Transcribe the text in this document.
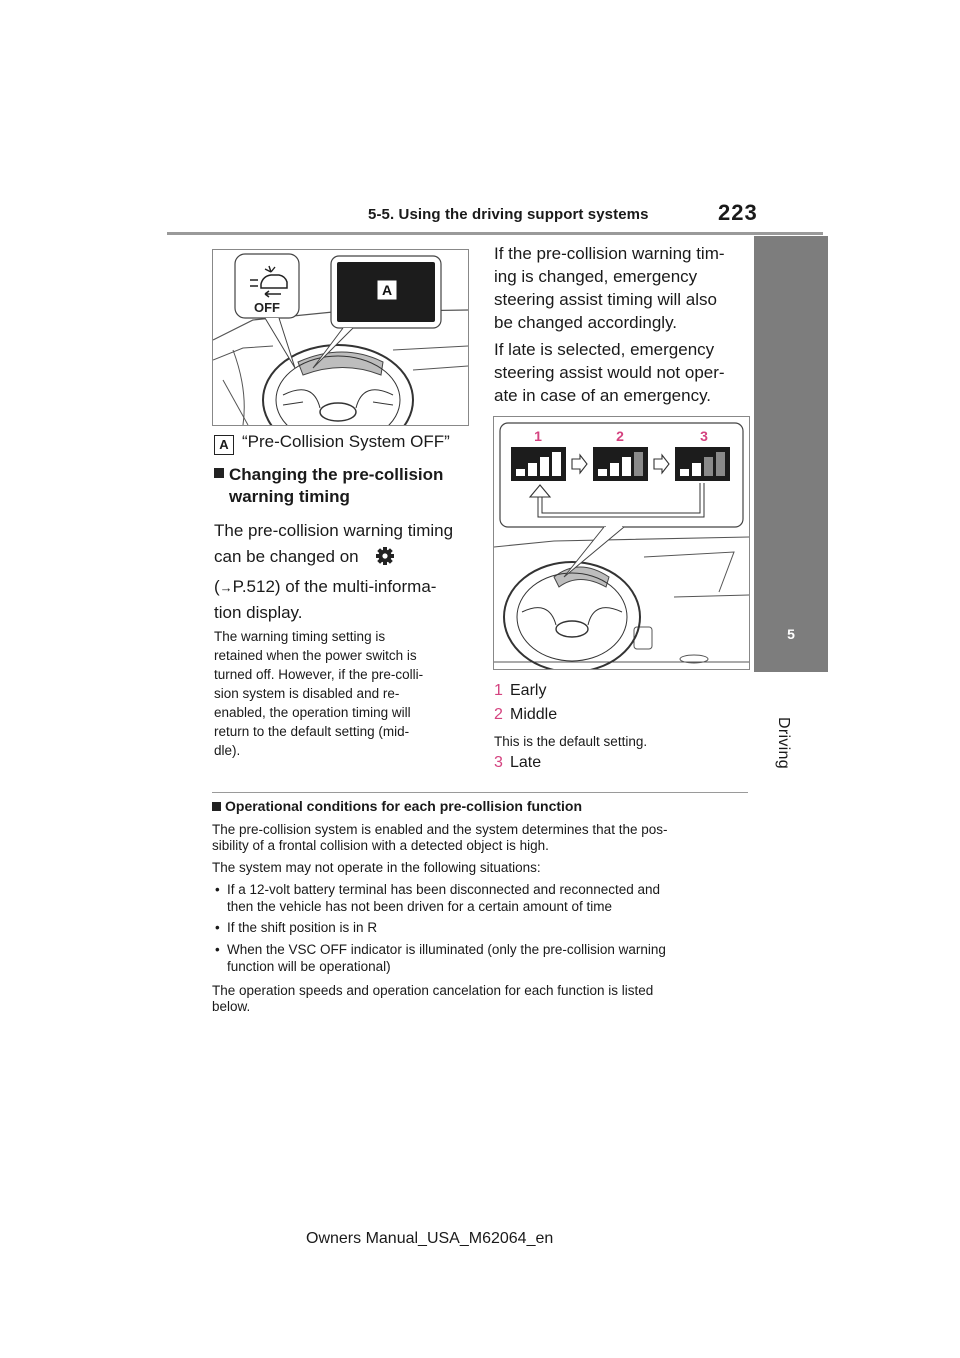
5-5. Using the driving support systems	223
5
Driving
A
OFF
A “Pre-Collision System OFF”
Changing the pre-collision warning timing
The pre-collision warning timing
can be changed on
(→P.512) of the multi-informa-
tion display.
The warning timing setting is
retained when the power switch is
turned off. However, if the pre-colli-
sion system is disabled and re-
enabled, the operation timing will
return to the default setting (mid-
dle).
If the pre-collision warning tim-
ing is changed, emergency
steering assist timing will also
be changed accordingly.
If late is selected, emergency
steering assist would not oper-
ate in case of an emergency.
1	2	3
1 Early
2 Middle
This is the default setting.
3 Late
Operational conditions for each pre-collision function
The pre-collision system is enabled and the system determines that the pos-
sibility of a frontal collision with a detected object is high.
The system may not operate in the following situations:
• If a 12-volt battery terminal has been disconnected and reconnected and
then the vehicle has not been driven for a certain amount of time
• If the shift position is in R
• When the VSC OFF indicator is illuminated (only the pre-collision warning
function will be operational)
The operation speeds and operation cancelation for each function is listed
below.
Owners Manual_USA_M62064_en
